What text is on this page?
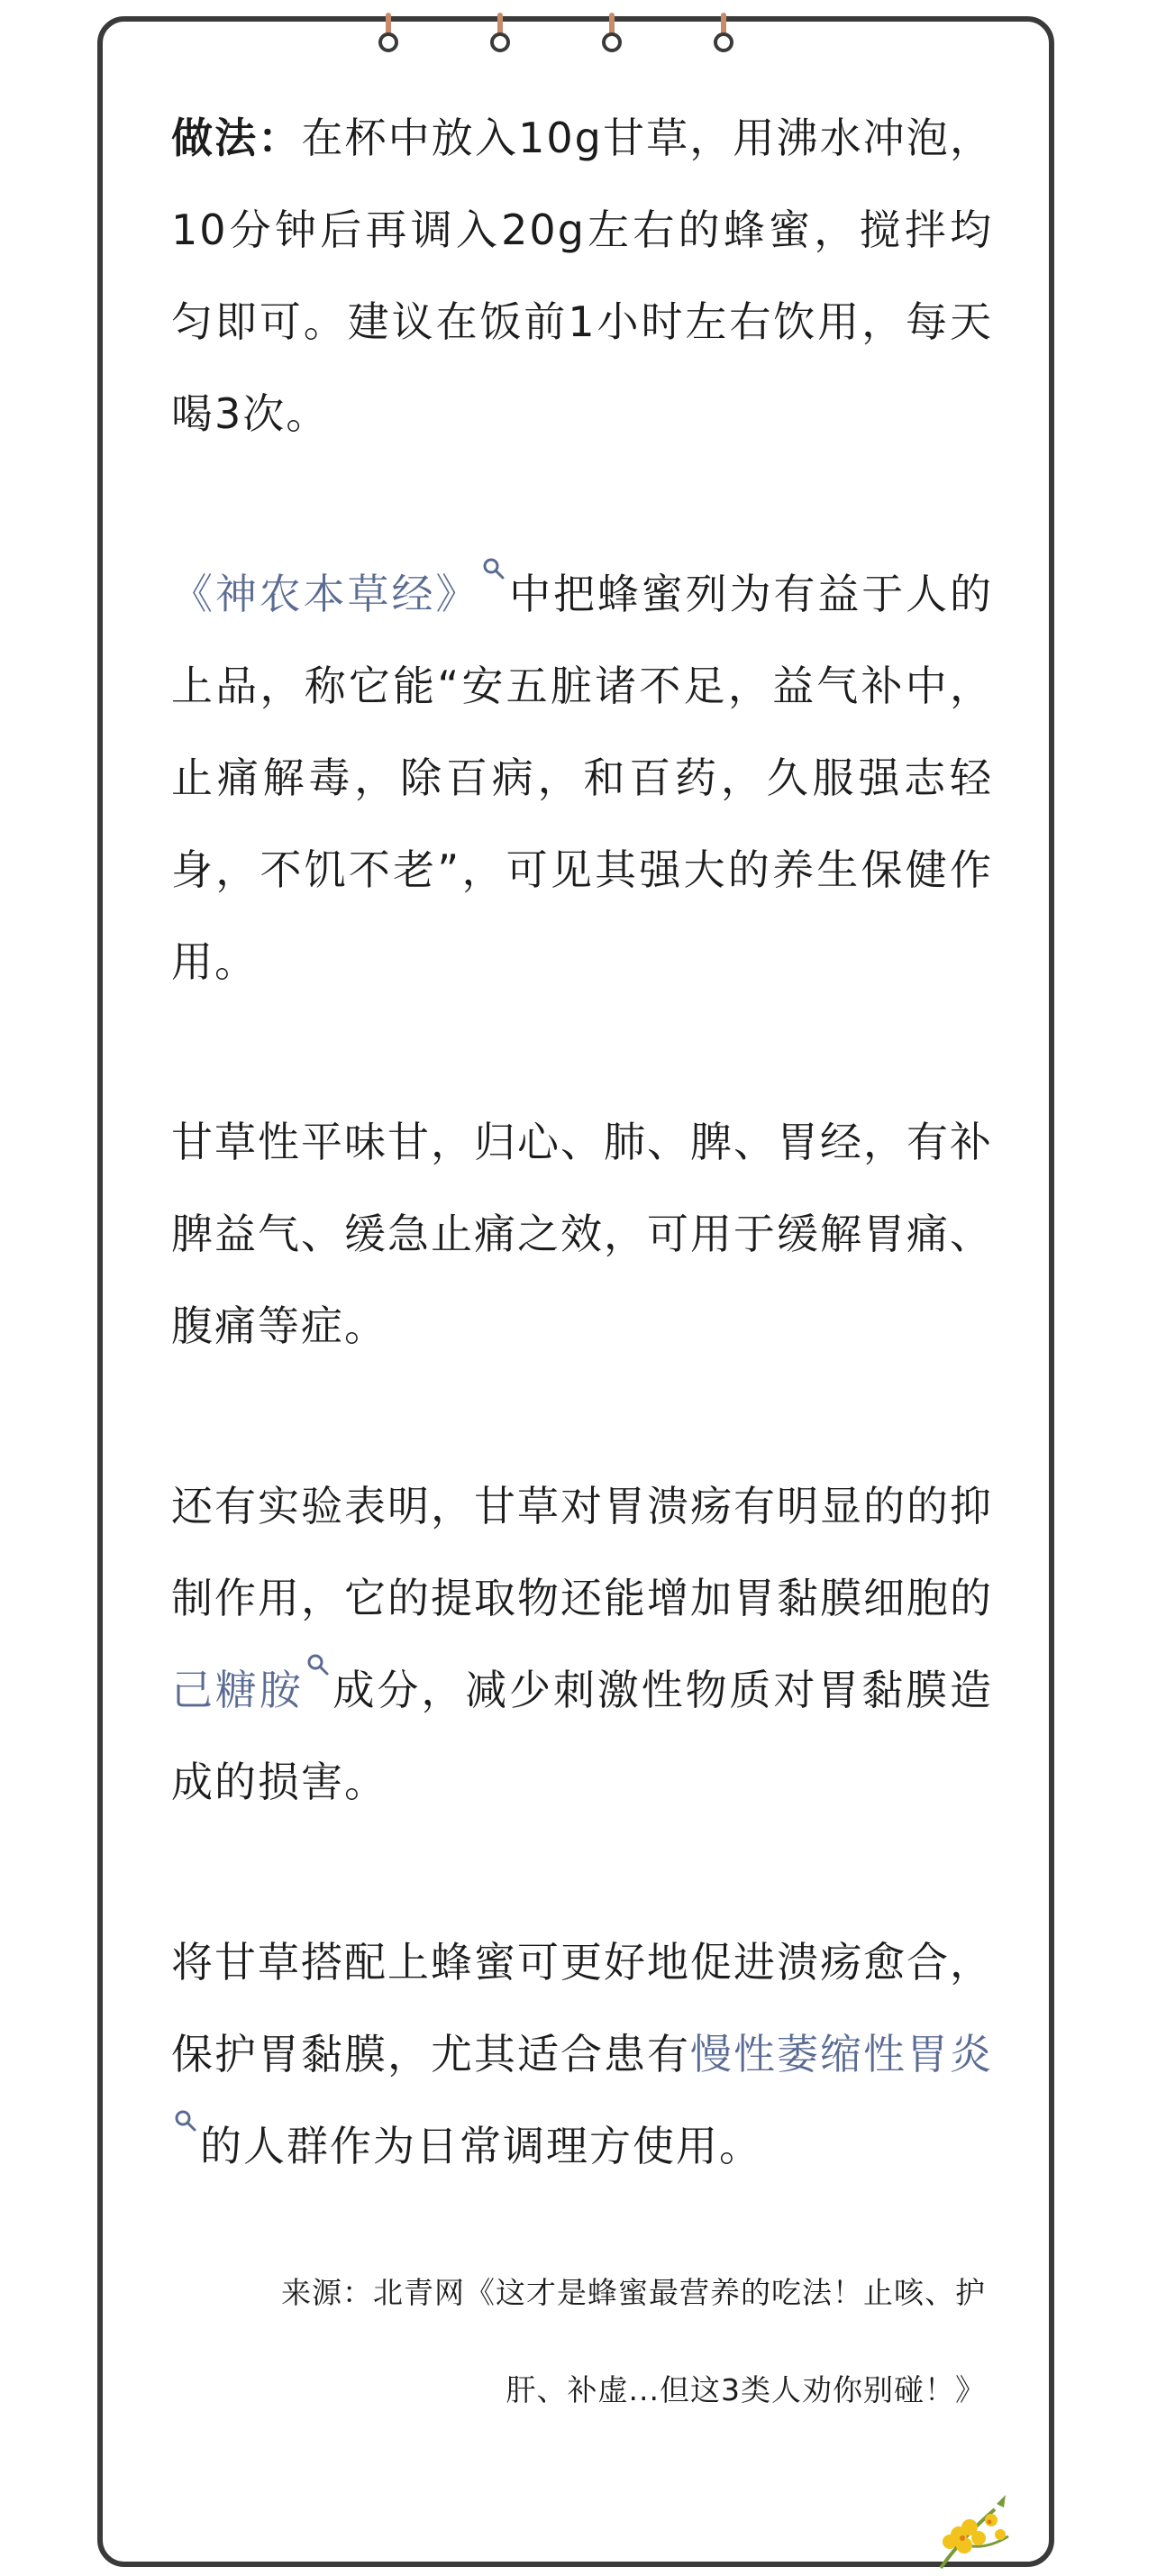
做法：在杯中放入10g甘草，用沸水冲泡，10分钟后再调入20g左右的蜂蜜，搅拌均匀即可。建议在饭前1小时左右饮用，每天喝3次。

《神农本草经》 中把蜂蜜列为有益于人的上品，称它能“安五脏诸不足，益气补中，止痛解毒，除百病，和百药，久服强志轻身，不饥不老”，可见其强大的养生保健作用。

甘草性平味甘，归心、肺、脾、胃经，有补脾益气、缓急止痛之效，可用于缓解胃痛、腹痛等症。

还有实验表明，甘草对胃溃疡有明显的的抑制作用，它的提取物还能增加胃黏膜细胞的己糖胺 成分，减少刺激性物质对胃黏膜造成的损害。

将甘草搭配上蜂蜜可更好地促进溃疡愈合，保护胃黏膜，尤其适合患有慢性萎缩性胃炎
的人群作为日常调理方使用。

来源：北青网《这才是蜂蜜最营养的吃法！止咳、护
肝、补虚...但这3类人劝你别碰！》
